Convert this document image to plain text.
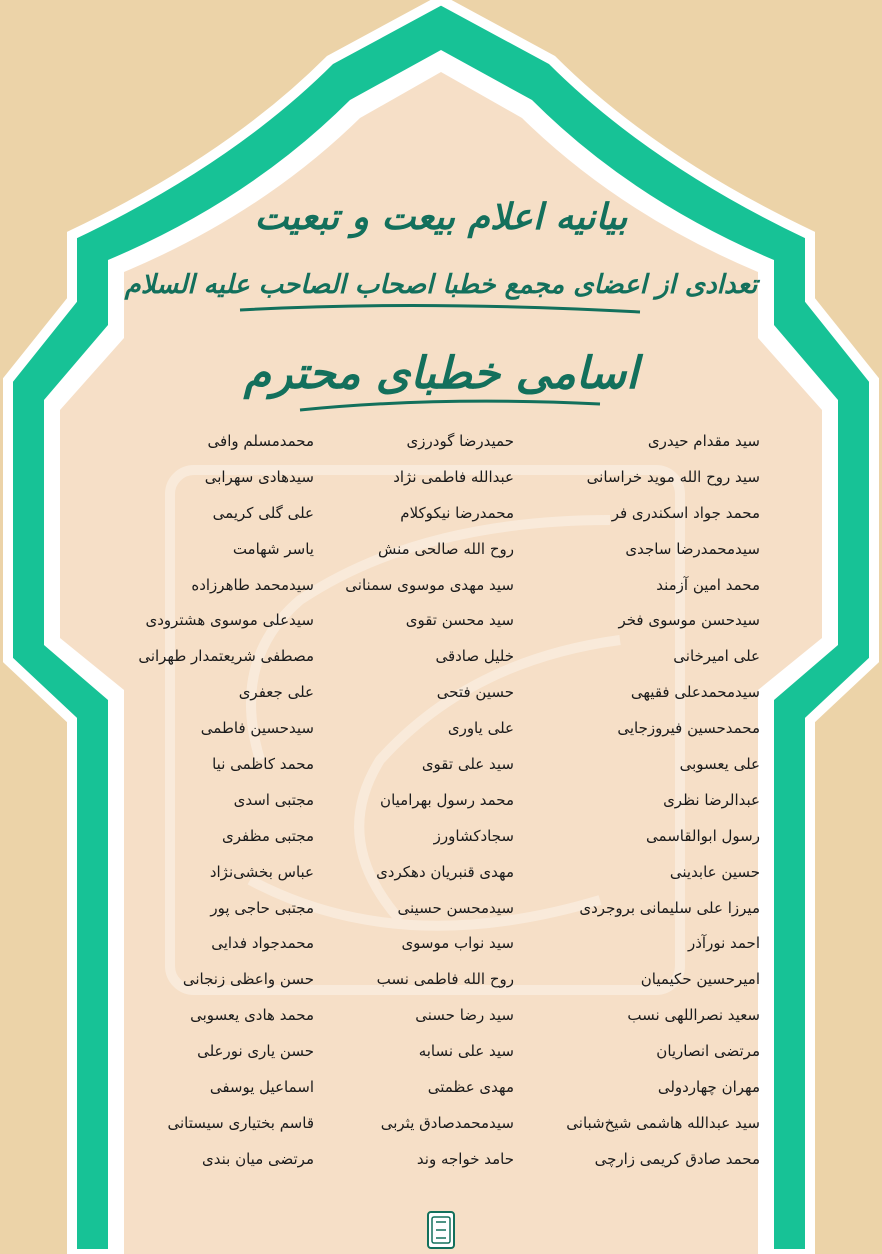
بیانیه اعلام بیعت و تبعیت
تعدادی از اعضای مجمع خطبا اصحاب الصاحب علیه السلام
اسامی خطبای محترم
سید مقدام حیدری
سید روح الله موید خراسانی
محمد جواد اسکندری فر
سیدمحمدرضا ساجدی
محمد امین آزمند
سیدحسن موسوی فخر
علی امیرخانی
سیدمحمدعلی فقیهی
محمدحسین فیروزجایی
علی یعسوبی
عبدالرضا نظری
رسول ابوالقاسمی
حسین عابدینی
میرزا علی سلیمانی بروجردی
احمد نورآذر
امیرحسین حکیمیان
سعید نصراللهی نسب
مرتضی انصاریان
مهران چهاردولی
سید عبدالله هاشمی شیخ‌شبانی
محمد صادق کریمی زارچی
حمیدرضا گودرزی
عبدالله فاطمی نژاد
محمدرضا نیکوکلام
روح الله صالحی منش
سید مهدی موسوی سمنانی
سید محسن تقوی
خلیل صادقی
حسین فتحی
علی یاوری
سید علی تقوی
محمد رسول بهرامیان
سجادکشاورز
مهدی قنبریان دهکردی
سیدمحسن حسینی
سید نواب موسوی
روح الله فاطمی نسب
سید رضا حسنی
سید علی نسابه
مهدی عظمتی
سیدمحمدصادق یثربی
حامد خواجه وند
محمدمسلم وافی
سیدهادی سهرابی
علی گلی کریمی
یاسر شهامت
سیدمحمد طاهرزاده
سیدعلی موسوی هشترودی
مصطفی شریعتمدار طهرانی
علی جعفری
سیدحسین فاطمی
محمد کاظمی نیا
مجتبی اسدی
مجتبی مظفری
عباس بخشی‌نژاد
مجتبی حاجی پور
محمدجواد فدایی
حسن واعظی زنجانی
محمد هادی یعسوبی
حسن یاری نورعلی
اسماعیل یوسفی
قاسم بختیاری سیستانی
مرتضی میان بندی
